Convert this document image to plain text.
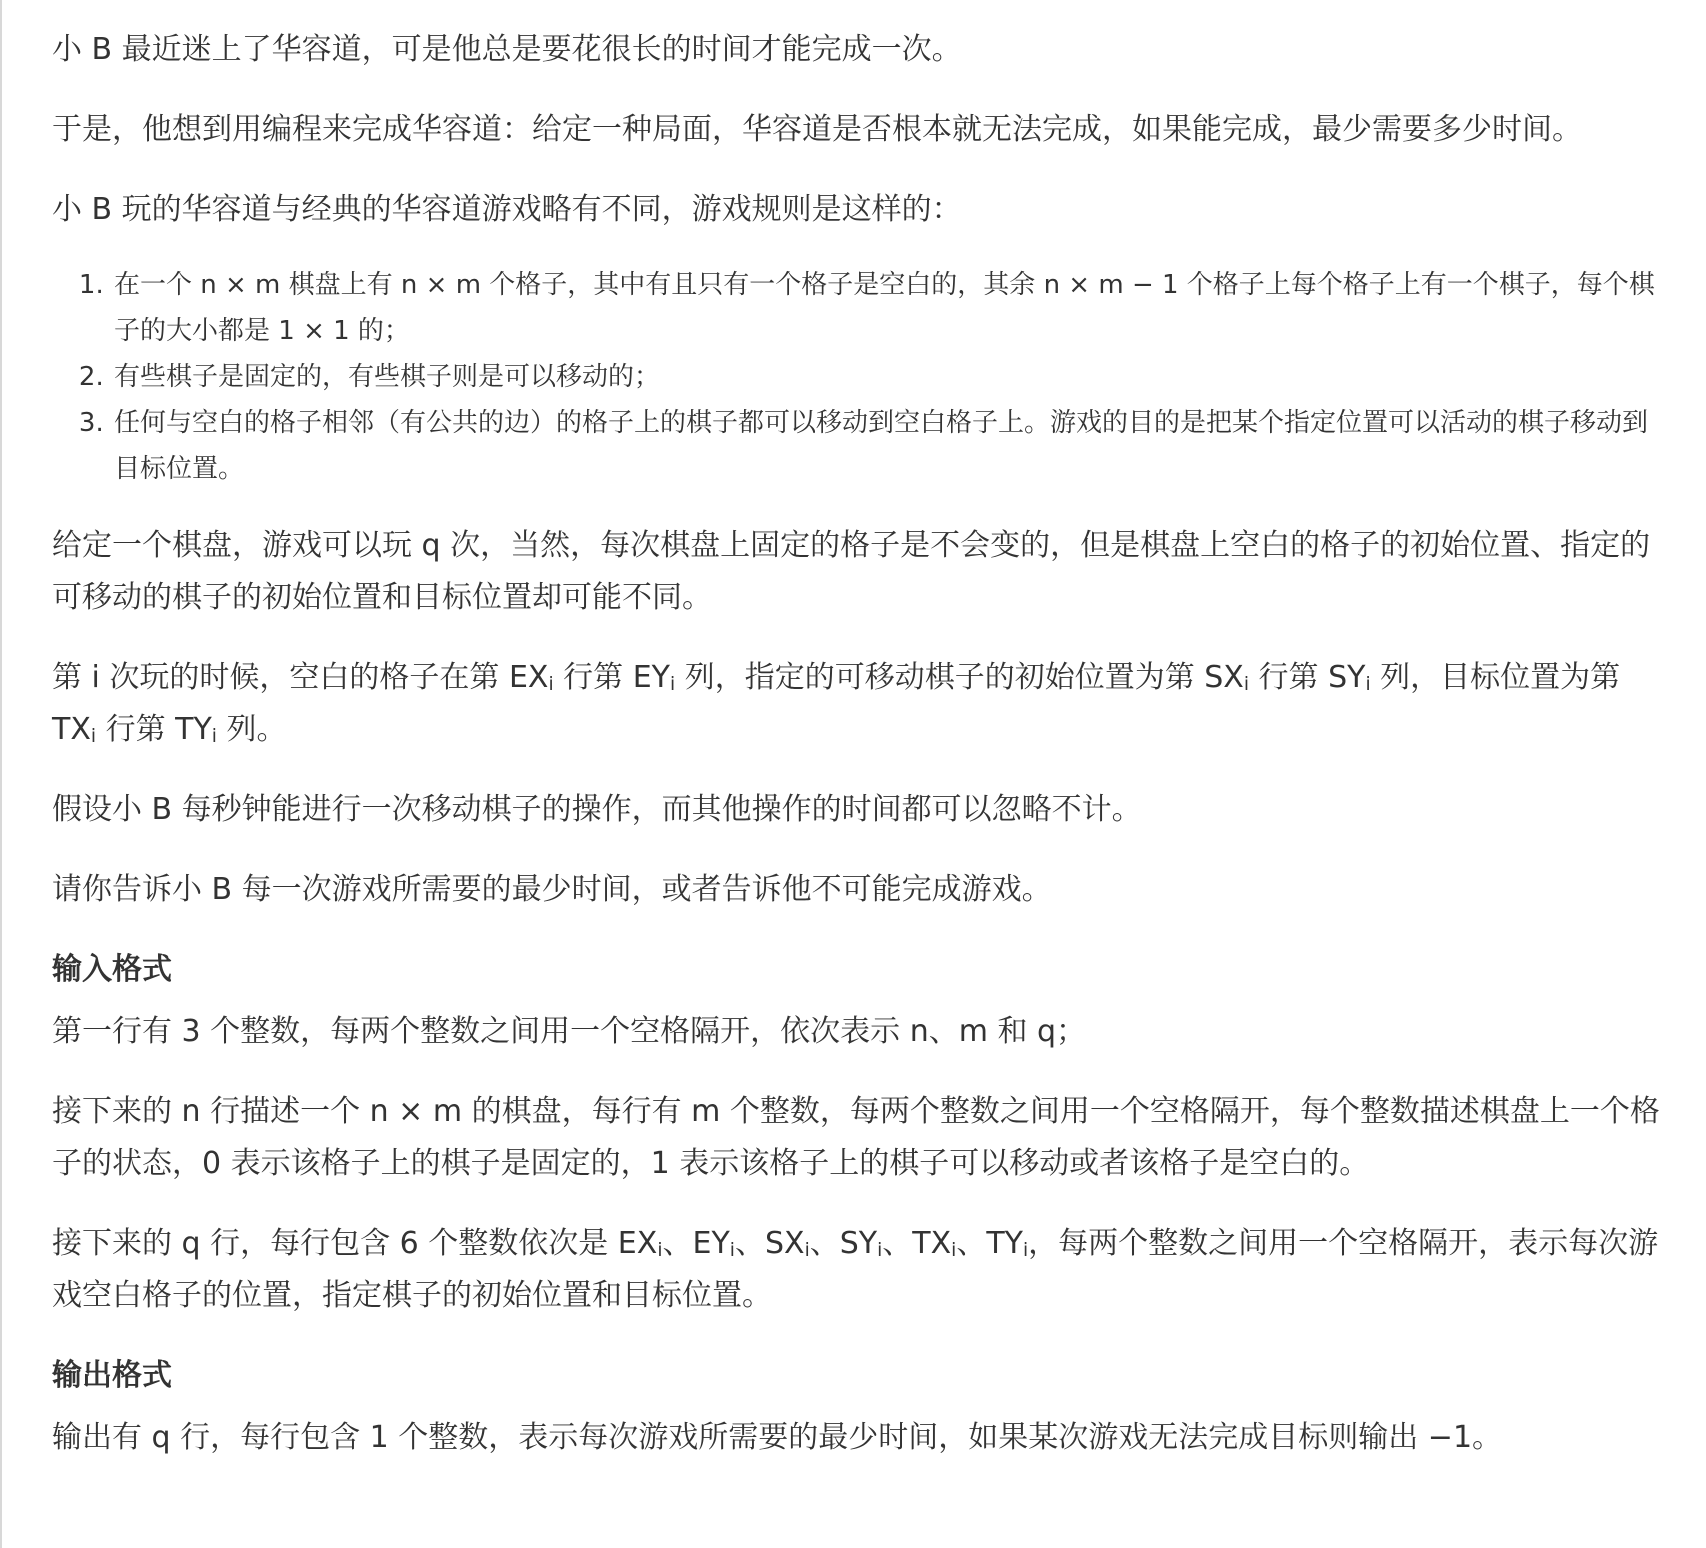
小 B 最近迷上了华容道，可是他总是要花很长的时间才能完成一次。

于是，他想到用编程来完成华容道：给定一种局面，华容道是否根本就无法完成，如果能完成，最少需要多少时间。

小 B 玩的华容道与经典的华容道游戏略有不同，游戏规则是这样的：

1. 在一个 n × m 棋盘上有 n × m 个格子，其中有且只有一个格子是空白的，其余 n × m − 1 个格子上每个格子上有一个棋子，每个棋子的大小都是 1 × 1 的；
2. 有些棋子是固定的，有些棋子则是可以移动的；
3. 任何与空白的格子相邻（有公共的边）的格子上的棋子都可以移动到空白格子上。游戏的目的是把某个指定位置可以活动的棋子移动到目标位置。

给定一个棋盘，游戏可以玩 q 次，当然，每次棋盘上固定的格子是不会变的，但是棋盘上空白的格子的初始位置、指定的可移动的棋子的初始位置和目标位置却可能不同。

第 i 次玩的时候，空白的格子在第 $EX_i$ 行第 $EY_i$ 列，指定的可移动棋子的初始位置为第 $SX_i$ 行第 $SY_i$ 列，目标位置为第 $TX_i$ 行第 $TY_i$ 列。

假设小 B 每秒钟能进行一次移动棋子的操作，而其他操作的时间都可以忽略不计。

请你告诉小 B 每一次游戏所需要的最少时间，或者告诉他不可能完成游戏。

输入格式

第一行有 3 个整数，每两个整数之间用一个空格隔开，依次表示 n、m 和 q；

接下来的 n 行描述一个 n × m 的棋盘，每行有 m 个整数，每两个整数之间用一个空格隔开，每个整数描述棋盘上一个格子的状态，0 表示该格子上的棋子是固定的，1 表示该格子上的棋子可以移动或者该格子是空白的。

接下来的 q 行，每行包含 6 个整数依次是 $EX_i$、$EY_i$、$SX_i$、$SY_i$、$TX_i$、$TY_i$，每两个整数之间用一个空格隔开，表示每次游戏空白格子的位置，指定棋子的初始位置和目标位置。

输出格式

输出有 q 行，每行包含 1 个整数，表示每次游戏所需要的最少时间，如果某次游戏无法完成目标则输出 −1。
